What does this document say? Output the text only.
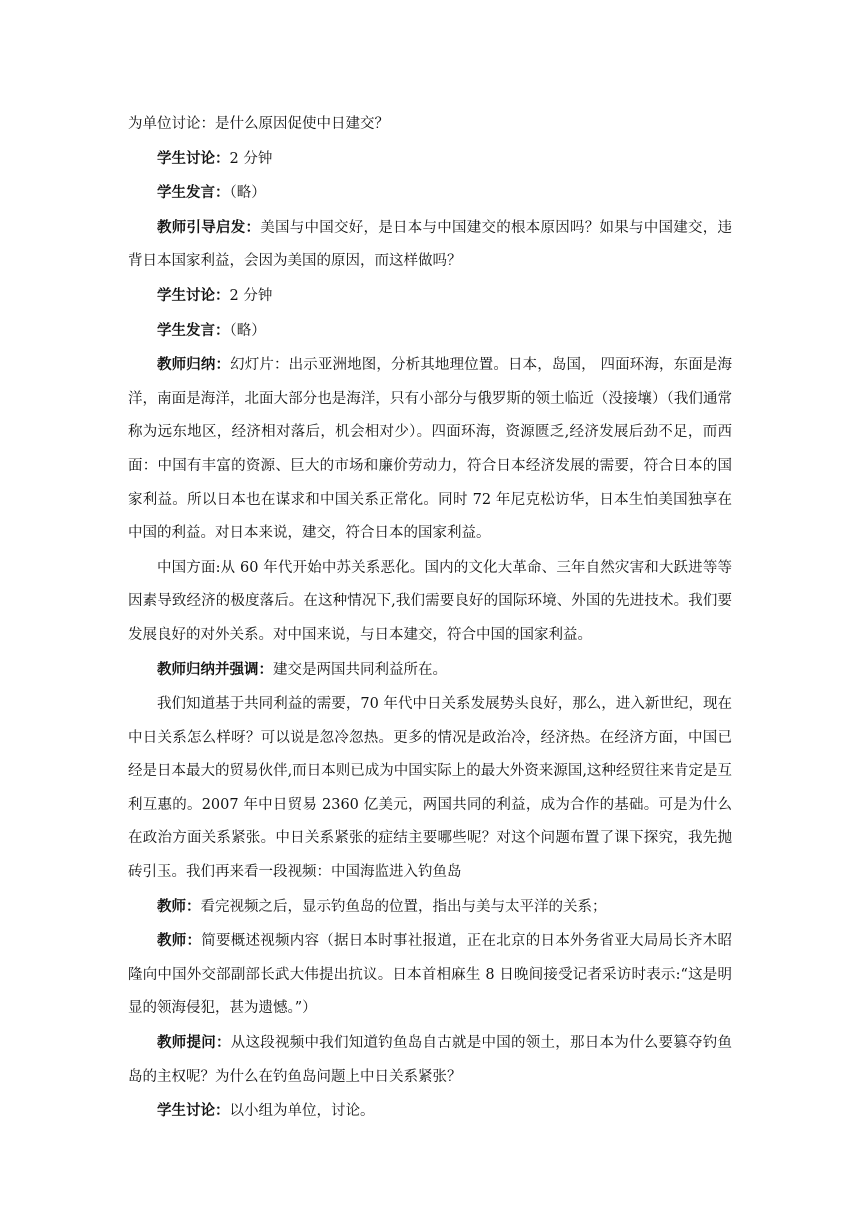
为单位讨论：是什么原因促使中日建交？

学生讨论：2 分钟

学生发言：（略）

教师引导启发：美国与中国交好，是日本与中国建交的根本原因吗？如果与中国建交，违背日本国家利益，会因为美国的原因，而这样做吗？

学生讨论：2 分钟

学生发言：（略）

教师归纳：幻灯片：出示亚洲地图，分析其地理位置。日本，岛国， 四面环海，东面是海洋，南面是海洋，北面大部分也是海洋，只有小部分与俄罗斯的领土临近（没接壤）（我们通常称为远东地区，经济相对落后，机会相对少）。四面环海，资源匮乏,经济发展后劲不足，而西面：中国有丰富的资源、巨大的市场和廉价劳动力，符合日本经济发展的需要，符合日本的国家利益。所以日本也在谋求和中国关系正常化。同时 72 年尼克松访华，日本生怕美国独享在中国的利益。对日本来说，建交，符合日本的国家利益。

中国方面:从 60 年代开始中苏关系恶化。国内的文化大革命、三年自然灾害和大跃进等等因素导致经济的极度落后。在这种情况下,我们需要良好的国际环境、外国的先进技术。我们要发展良好的对外关系。对中国来说，与日本建交，符合中国的国家利益。

教师归纳并强调：建交是两国共同利益所在。

我们知道基于共同利益的需要，70 年代中日关系发展势头良好，那么，进入新世纪，现在中日关系怎么样呀？可以说是忽冷忽热。更多的情况是政治冷，经济热。在经济方面，中国已经是日本最大的贸易伙伴,而日本则已成为中国实际上的最大外资来源国,这种经贸往来肯定是互利互惠的。2007 年中日贸易 2360 亿美元，两国共同的利益，成为合作的基础。可是为什么在政治方面关系紧张。中日关系紧张的症结主要哪些呢？对这个问题布置了课下探究，我先抛砖引玉。我们再来看一段视频：中国海监进入钓鱼岛

教师：看完视频之后，显示钓鱼岛的位置，指出与美与太平洋的关系；

教师：简要概述视频内容（据日本时事社报道，正在北京的日本外务省亚大局局长齐木昭隆向中国外交部副部长武大伟提出抗议。日本首相麻生 8 日晚间接受记者采访时表示:“这是明显的领海侵犯，甚为遗憾。”）

教师提问：从这段视频中我们知道钓鱼岛自古就是中国的领土，那日本为什么要篡夺钓鱼岛的主权呢？为什么在钓鱼岛问题上中日关系紧张？

学生讨论：以小组为单位，讨论。
